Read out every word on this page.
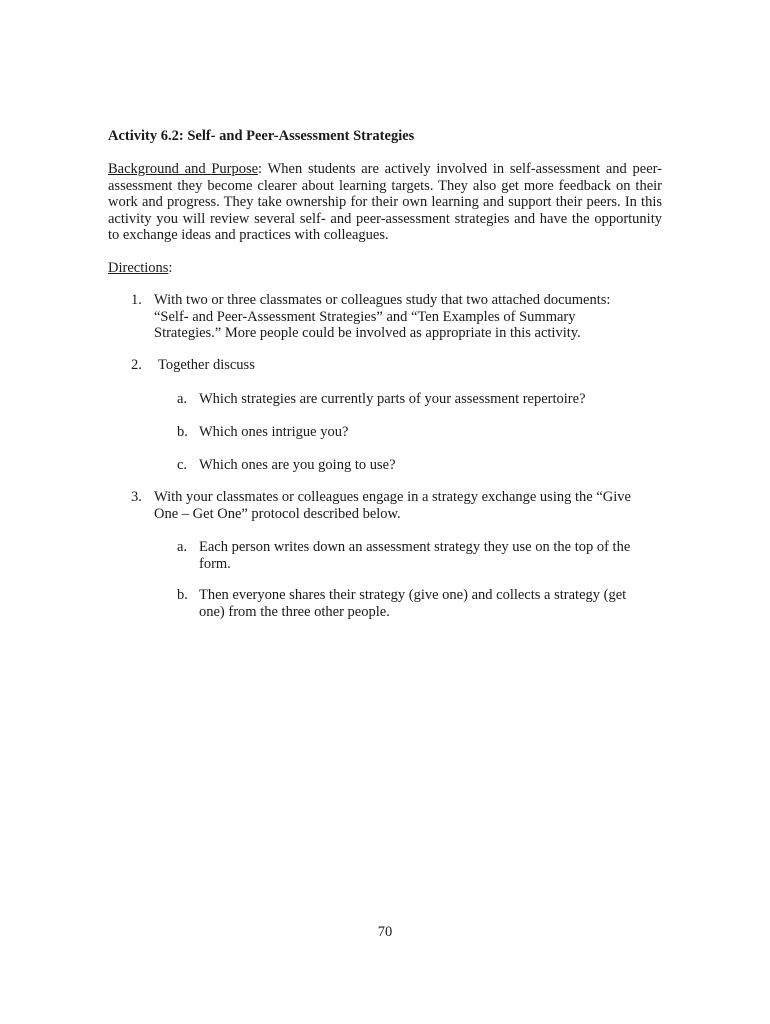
Activity 6.2: Self- and Peer-Assessment Strategies
Background and Purpose: When students are actively involved in self-assessment and peer-assessment they become clearer about learning targets. They also get more feedback on their work and progress. They take ownership for their own learning and support their peers. In this activity you will review several self- and peer-assessment strategies and have the opportunity to exchange ideas and practices with colleagues.
Directions:
1. With two or three classmates or colleagues study that two attached documents:
“Self- and Peer-Assessment Strategies” and “Ten Examples of Summary
Strategies.” More people could be involved as appropriate in this activity.
2. Together discuss
a. Which strategies are currently parts of your assessment repertoire?
b. Which ones intrigue you?
c. Which ones are you going to use?
3. With your classmates or colleagues engage in a strategy exchange using the “Give
One – Get One” protocol described below.
a. Each person writes down an assessment strategy they use on the top of the
form.
b. Then everyone shares their strategy (give one) and collects a strategy (get
one) from the three other people.
70
